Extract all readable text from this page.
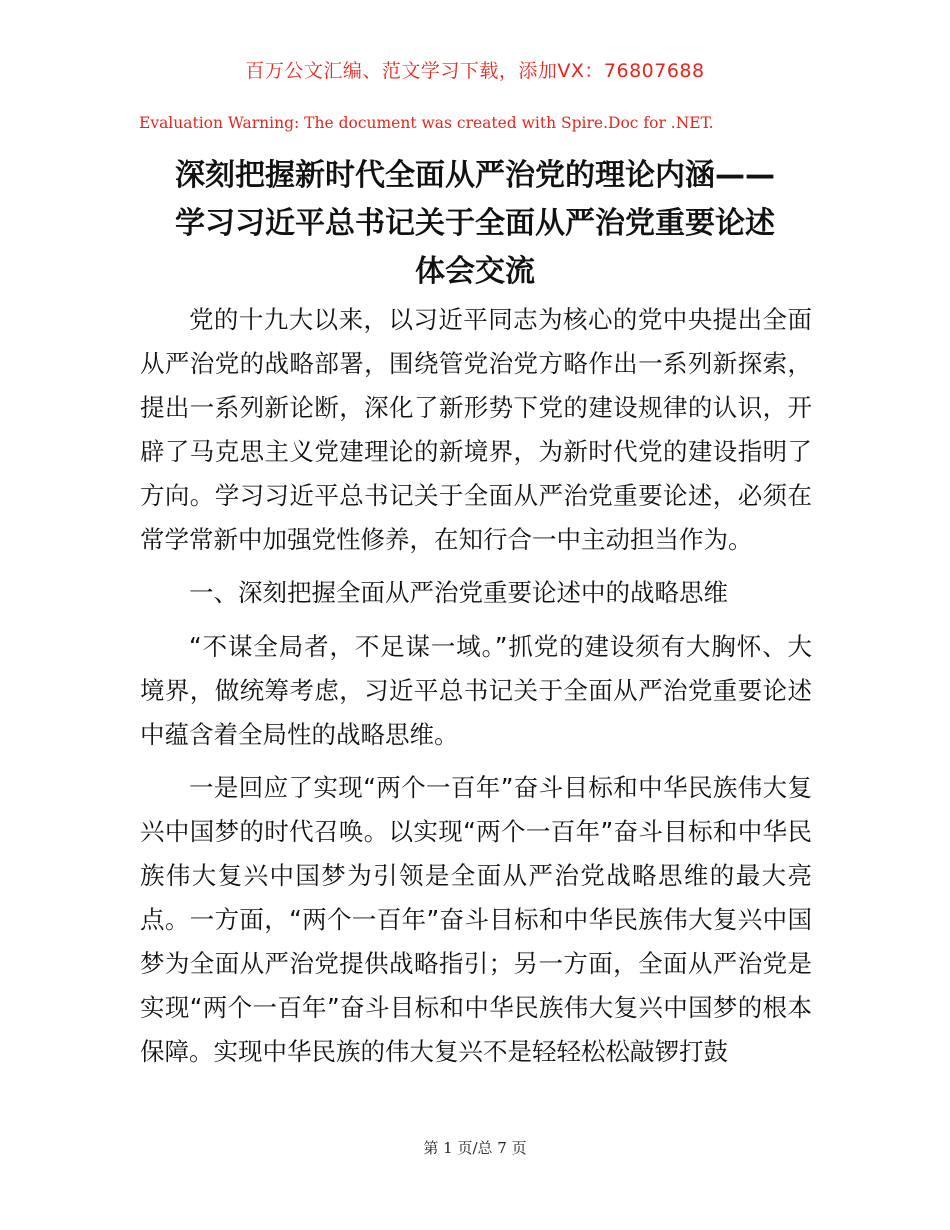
百万公文汇编、范文学习下载，添加VX：76807688
Evaluation Warning: The document was created with Spire.Doc for .NET.
深刻把握新时代全面从严治党的理论内涵——
学习习近平总书记关于全面从严治党重要论述
体会交流

党的十九大以来，以习近平同志为核心的党中央提出全面从严治党的战略部署，围绕管党治党方略作出一系列新探索，提出一系列新论断，深化了新形势下党的建设规律的认识，开辟了马克思主义党建理论的新境界，为新时代党的建设指明了方向。学习习近平总书记关于全面从严治党重要论述，必须在常学常新中加强党性修养，在知行合一中主动担当作为。

一、深刻把握全面从严治党重要论述中的战略思维

“不谋全局者，不足谋一域。”抓党的建设须有大胸怀、大境界，做统筹考虑，习近平总书记关于全面从严治党重要论述中蕴含着全局性的战略思维。

一是回应了实现“两个一百年”奋斗目标和中华民族伟大复兴中国梦的时代召唤。以实现“两个一百年”奋斗目标和中华民族伟大复兴中国梦为引领是全面从严治党战略思维的最大亮点。一方面，“两个一百年”奋斗目标和中华民族伟大复兴中国梦为全面从严治党提供战略指引；另一方面，全面从严治党是实现“两个一百年”奋斗目标和中华民族伟大复兴中国梦的根本保障。实现中华民族的伟大复兴不是轻轻松松敲锣打鼓

第 1 页/总 7 页
